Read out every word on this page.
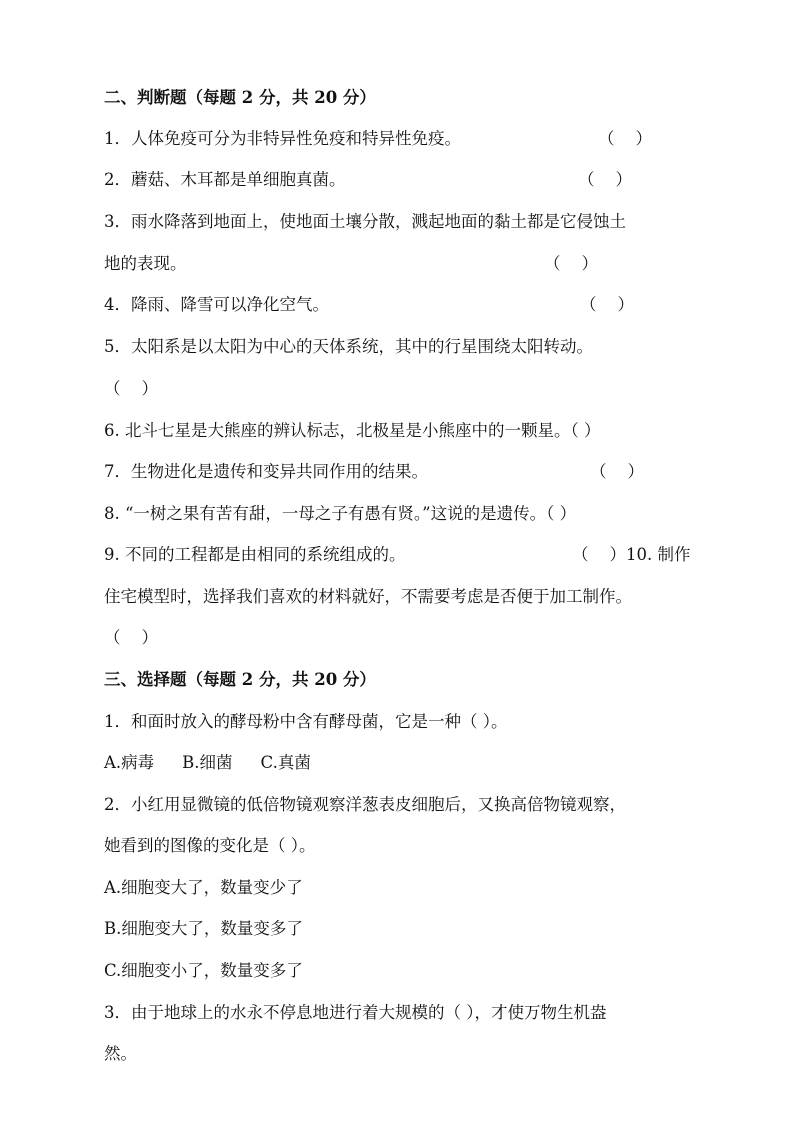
二、判断题（每题 2 分，共 20 分）
1．人体免疫可分为非特异性免疫和特异性免疫。	（    ）
2．蘑菇、木耳都是单细胞真菌。	（    ）
3．雨水降落到地面上，使地面土壤分散，溅起地面的黏土都是它侵蚀土
地的表现。	（    ）
4．降雨、降雪可以净化空气。	（    ）
5．太阳系是以太阳为中心的天体系统，其中的行星围绕太阳转动。
（    ）
6. 北斗七星是大熊座的辨认标志，北极星是小熊座中的一颗星。（ ）
7．生物进化是遗传和变异共同作用的结果。	（    ）
8. “一树之果有苦有甜，一母之子有愚有贤。”这说的是遗传。（ ）
9. 不同的工程都是由相同的系统组成的。	（    ）10. 制作
住宅模型时，选择我们喜欢的材料就好，不需要考虑是否便于加工制作。
（    ）
三、选择题（每题 2 分，共 20 分）
1．和面时放入的酵母粉中含有酵母菌，它是一种（ ）。
A.病毒 B.细菌 C.真菌
2．小红用显微镜的低倍物镜观察洋葱表皮细胞后，又换高倍物镜观察，
她看到的图像的变化是（ ）。
A.细胞变大了，数量变少了
B.细胞变大了，数量变多了
C.细胞变小了，数量变多了
3．由于地球上的水永不停息地进行着大规模的（ ），才使万物生机盎
然。
